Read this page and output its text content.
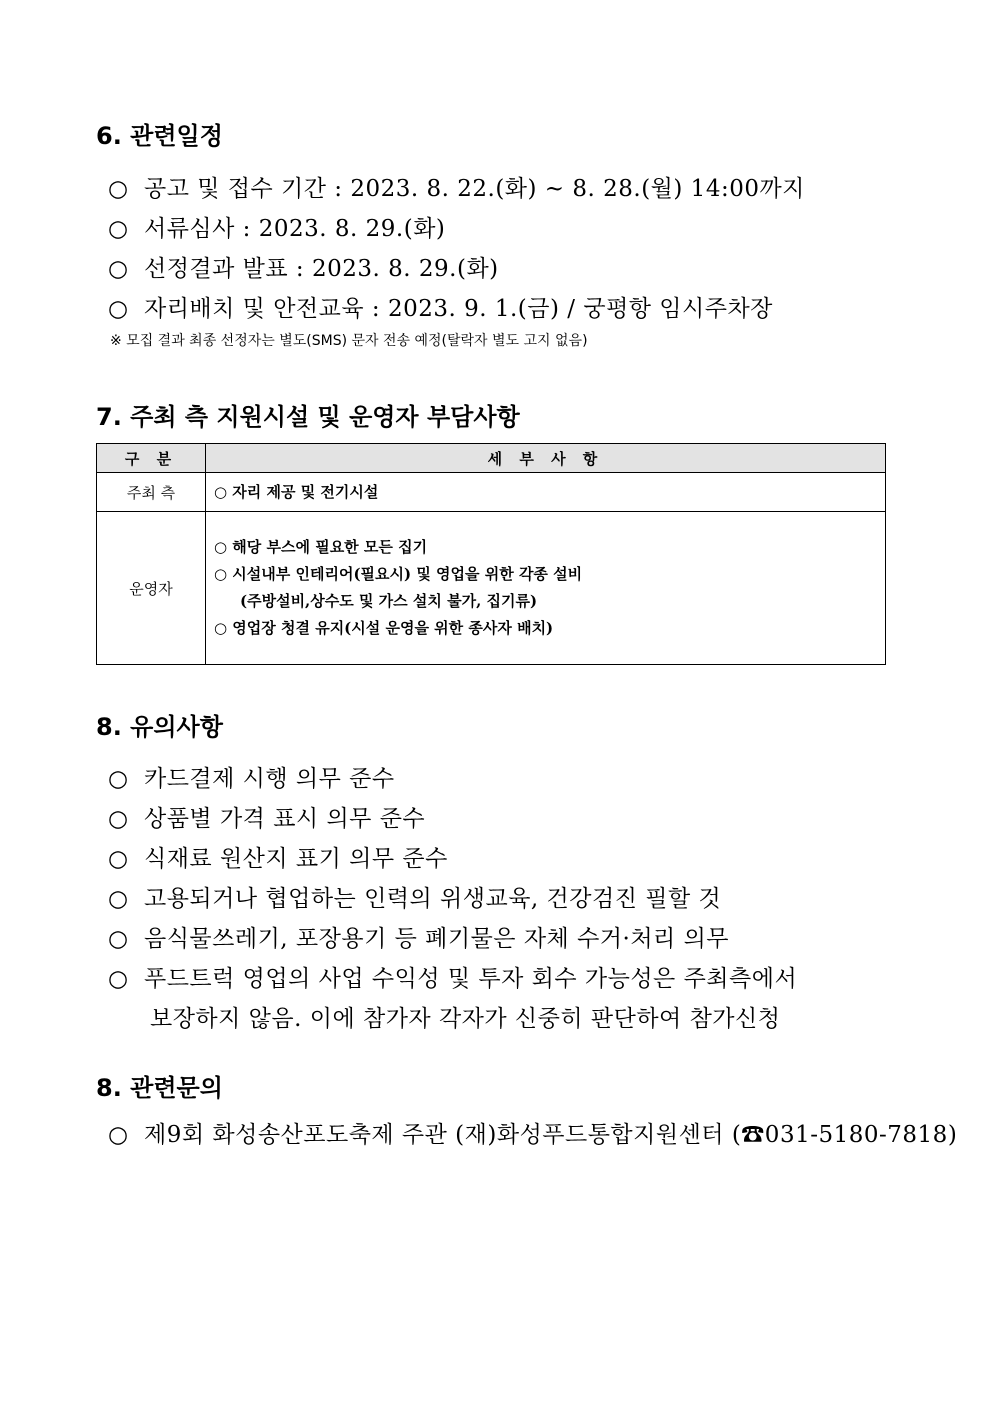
6. 관련일정
○ 공고 및 접수 기간 : 2023. 8. 22.(화) ~ 8. 28.(월) 14:00까지
○ 서류심사 : 2023. 8. 29.(화)
○ 선정결과 발표 : 2023. 8. 29.(화)
○ 자리배치 및 안전교육 : 2023. 9. 1.(금) / 궁평항 임시주차장
※ 모집 결과 최종 선정자는 별도(SMS) 문자 전송 예정(탈락자 별도 고지 없음)
7. 주최 측 지원시설 및 운영자 부담사항
구 분	세 부 사 항
주최 측	○ 자리 제공 및 전기시설

운영자	○ 해당 부스에 필요한 모든 집기
○ 시설내부 인테리어(필요시) 및 영업을 위한 각종 설비
(주방설비,상수도 및 가스 설치 불가, 집기류)
○ 영업장 청결 유지(시설 운영을 위한 종사자 배치)
8. 유의사항
○ 카드결제 시행 의무 준수
○ 상품별 가격 표시 의무 준수
○ 식재료 원산지 표기 의무 준수
○ 고용되거나 협업하는 인력의 위생교육, 건강검진 필할 것
○ 음식물쓰레기, 포장용기 등 폐기물은 자체 수거·처리 의무
○ 푸드트럭 영업의 사업 수익성 및 투자 회수 가능성은 주최측에서
보장하지 않음. 이에 참가자 각자가 신중히 판단하여 참가신청
8. 관련문의
○ 제9회 화성송산포도축제 주관 (재)화성푸드통합지원센터 (☎031-5180-7818)
